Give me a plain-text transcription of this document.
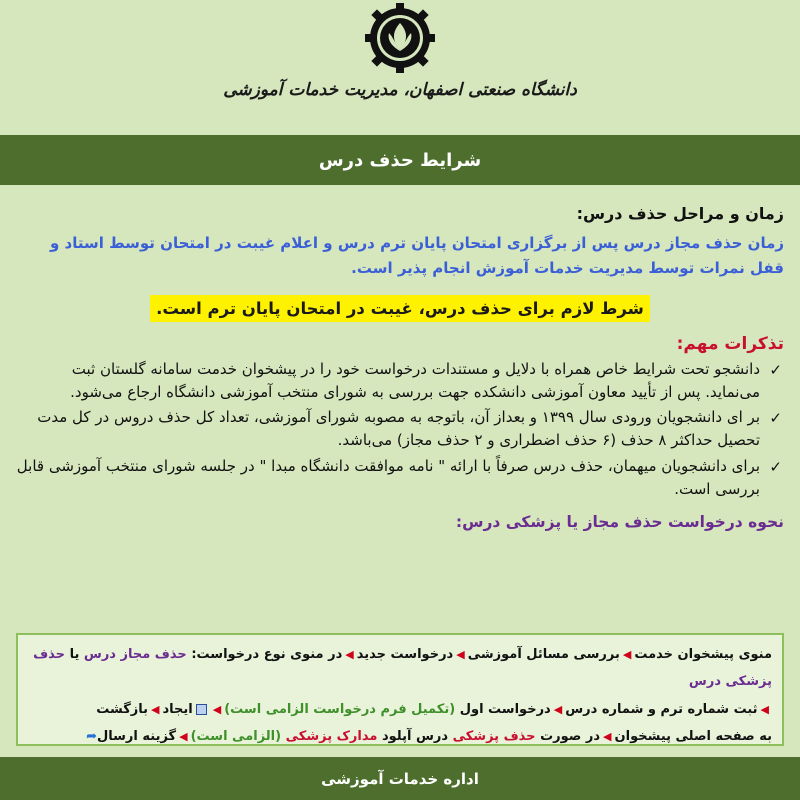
دانشگاه صنعتی اصفهان، مدیریت خدمات آموزشی
شرایط حذف درس
زمان و مراحل حذف درس:
زمان حذف مجاز درس پس از برگزاری امتحان پایان ترم درس و اعلام غیبت در امتحان توسط استاد و
قفل نمرات توسط مدیریت خدمات آموزش انجام پذیر است.
شرط لازم برای حذف درس، غیبت در امتحان پایان ترم است.
تذکرات مهم:
✓
دانشجو تحت شرایط خاص همراه با دلایل و مستندات درخواست خود را در پیشخوان خدمت سامانه گلستان ثبت می‌نماید. پس از تأیید معاون آموزشی دانشکده جهت بررسی به شورای منتخب آموزشی دانشگاه ارجاع می‌شود.
✓
بر ای دانشجویان ورودی سال ۱۳۹۹ و بعداز آن، باتوجه به مصوبه شورای آموزشی، تعداد کل حذف دروس در کل مدت تحصیل حداکثر ۸ حذف (۶ حذف اضطراری و ۲ حذف مجاز) می‌باشد.
✓
برای دانشجویان میهمان، حذف درس صرفاً با ارائه " نامه موافقت دانشگاه مبدا " در جلسه شورای منتخب آموزشی قابل بررسی است.
نحوه درخواست حذف مجاز یا پزشکی درس:
منوی پیشخوان خدمت◀بررسی مسائل آموزشی◀درخواست جدید◀در منوی نوع درخواست: حذف مجاز درس یا حذف پزشکی درس
◀ثبت شماره ترم و شماره درس◀درخواست اول (تکمیل فرم درخواست الزامی است)◀ایجاد◀بازگشت
به صفحه اصلی پیشخوان◀در صورت حذف پزشکی درس آپلود مدارک پزشکی (الزامی است)◀گزینه ارسال➦
اداره خدمات آموزشی
